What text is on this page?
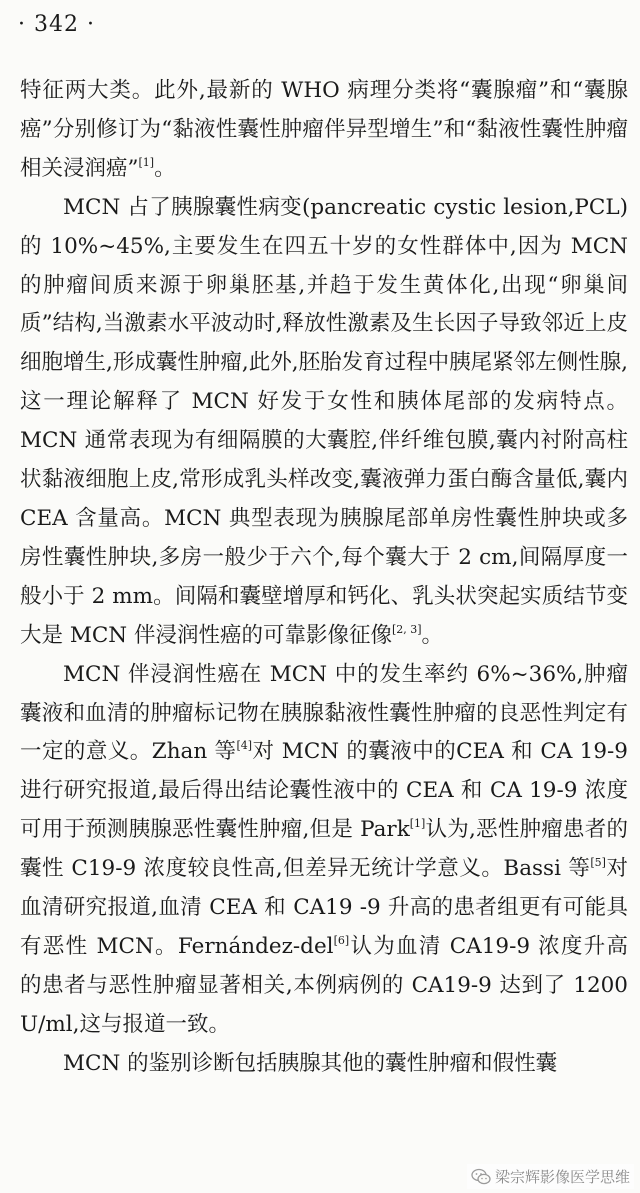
· 342 ·

特征两大类。此外,最新的 WHO 病理分类将“囊腺瘤”和“囊腺癌”分别修订为“黏液性囊性肿瘤伴异型增生”和“黏液性囊性肿瘤相关浸润癌”[1]。

MCN 占了胰腺囊性病变(pancreatic cystic lesion,PCL)的 10%~45%,主要发生在四五十岁的女性群体中,因为 MCN 的肿瘤间质来源于卵巢胚基,并趋于发生黄体化,出现“卵巢间质”结构,当激素水平波动时,释放性激素及生长因子导致邻近上皮细胞增生,形成囊性肿瘤,此外,胚胎发育过程中胰尾紧邻左侧性腺,这一理论解释了 MCN 好发于女性和胰体尾部的发病特点。MCN 通常表现为有细隔膜的大囊腔,伴纤维包膜,囊内衬附高柱状黏液细胞上皮,常形成乳头样改变,囊液弹力蛋白酶含量低,囊内 CEA 含量高。MCN 典型表现为胰腺尾部单房性囊性肿块或多房性囊性肿块,多房一般少于六个,每个囊大于 2 cm,间隔厚度一般小于 2 mm。间隔和囊壁增厚和钙化、乳头状突起实质结节变大是 MCN 伴浸润性癌的可靠影像征像[2, 3]。

MCN 伴浸润性癌在 MCN 中的发生率约 6%~36%,肿瘤囊液和血清的肿瘤标记物在胰腺黏液性囊性肿瘤的良恶性判定有一定的意义。Zhan 等[4]对 MCN 的囊液中的CEA 和 CA 19-9 进行研究报道,最后得出结论囊性液中的 CEA 和 CA 19-9 浓度可用于预测胰腺恶性囊性肿瘤,但是 Park[1]认为,恶性肿瘤患者的囊性 C19-9 浓度较良性高,但差异无统计学意义。Bassi 等[5]对血清研究报道,血清 CEA 和 CA19 -9 升高的患者组更有可能具有恶性 MCN。Fernández-del[6]认为血清 CA19-9 浓度升高的患者与恶性肿瘤显著相关,本例病例的 CA19-9 达到了 1200 U/ml,这与报道一致。

MCN 的鉴别诊断包括胰腺其他的囊性肿瘤和假性囊

梁宗辉影像医学思维
